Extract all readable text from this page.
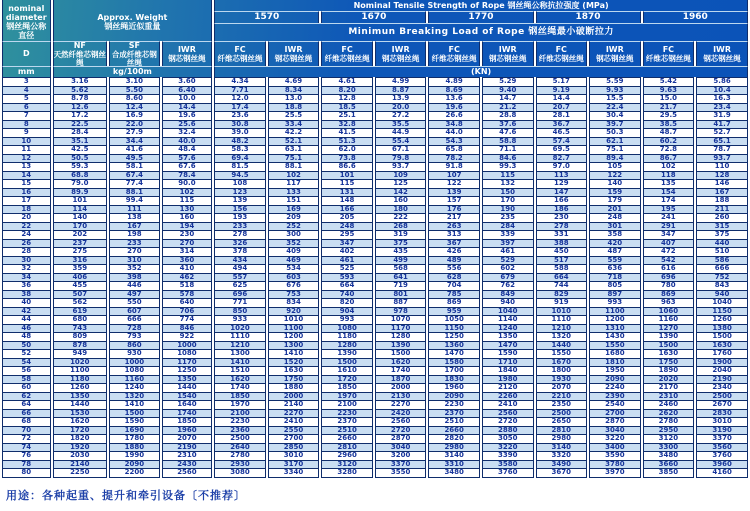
nominal diameter
钢丝绳公称直径

Approx. Weight
钢丝绳近似重量
	Nominal Tensile Strength of Rope 钢丝绳公称抗拉强度 (MPa)
				1570		1670		1770		1870		1960	
				Minimun Breaking Load of Rope 钢丝绳最小破断拉力									
D	
NF
天然纤维芯钢丝绳

SF
合成纤维芯钢丝绳

IWR
钢芯钢丝绳

FC
纤维芯钢丝绳

IWR
钢芯钢丝绳

FC
纤维芯钢丝绳

IWR
钢芯钢丝绳

FC
纤维芯钢丝绳

IWR
钢芯钢丝绳

FC
纤维芯钢丝绳

IWR
钢芯钢丝绳

FC
纤维芯钢丝绳

IWR
钢芯钢丝绳

mm	kg/100m			(KN)									
3	3.16	3.10	3.60	4.34	4.69	4.61	4.99	4.89	5.29	5.17	5.59	5.42	5.86
4	5.62	5.50	6.40	7.71	8.34	8.20	8.87	8.69	9.40	9.19	9.93	9.63	10.4
5	8.78	8.60	10.0	12.0	13.0	12.8	13.9	13.6	14.7	14.4	15.5	15.0	16.3
6	12.6	12.4	14.4	17.4	18.8	18.5	20.0	19.6	21.2	20.7	22.4	21.7	23.4
7	17.2	16.9	19.6	23.6	25.5	25.1	27.2	26.6	28.8	28.1	30.4	29.5	31.9
8	22.5	22.0	25.6	30.8	33.4	32.8	35.5	34.8	37.6	36.7	39.7	38.5	41.7
9	28.4	27.9	32.4	39.0	42.2	41.5	44.9	44.0	47.6	46.5	50.3	48.7	52.7
10	35.1	34.4	40.0	48.2	52.1	51.3	55.4	54.3	58.8	57.4	62.1	60.2	65.1
11	42.5	41.6	48.4	58.3	63.1	62.0	67.1	65.8	71.1	69.5	75.1	72.8	78.7
12	50.5	49.5	57.6	69.4	75.1	73.8	79.8	78.2	84.6	82.7	89.4	86.7	93.7
13	59.3	58.1	67.6	81.5	88.1	86.6	93.7	91.8	99.3	97.0	105	102	110
14	68.8	67.4	78.4	94.5	102	101	109	107	115	113	122	118	128
15	79.0	77.4	90.0	108	117	115	125	122	132	129	140	135	146
16	89.9	88.1	102	123	133	131	142	139	150	147	159	154	167
17	101	99.4	115	139	151	148	160	157	170	166	179	174	188
18	114	111	130	156	169	166	180	176	190	186	201	195	211
20	140	138	160	193	209	205	222	217	235	230	248	241	260
22	170	167	194	233	252	248	268	263	284	278	301	291	315
24	202	198	230	278	300	295	319	313	339	331	358	347	375
26	237	233	270	326	352	347	375	367	397	388	420	407	440
28	275	270	314	378	409	402	435	426	461	450	487	472	510
30	316	310	360	434	469	461	499	489	529	517	559	542	586
32	359	352	410	494	534	525	568	556	602	588	636	616	666
34	406	398	462	557	603	593	641	628	679	664	718	696	752
36	455	446	518	625	676	664	719	704	762	744	805	780	843
38	507	497	578	696	753	740	801	785	849	829	897	869	940
40	562	550	640	771	834	820	887	869	940	919	993	963	1040
42	619	607	706	850	920	904	978	959	1040	1010	1100	1060	1150
44	680	666	774	933	1010	993	1070	1050	1140	1110	1200	1160	1260
46	743	728	846	1020	1100	1080	1170	1150	1240	1210	1310	1270	1380
48	809	793	922	1110	1200	1180	1280	1250	1350	1320	1430	1390	1500
50	878	860	1000	1210	1300	1280	1390	1360	1470	1440	1550	1500	1630
52	949	930	1080	1300	1410	1390	1500	1470	1590	1550	1680	1630	1760
54	1020	1000	1170	1410	1520	1500	1620	1580	1710	1670	1810	1750	1900
56	1100	1080	1250	1510	1630	1610	1740	1700	1840	1800	1950	1890	2040
58	1180	1160	1350	1620	1750	1720	1870	1830	1980	1930	2090	2020	2190
60	1260	1240	1440	1740	1880	1850	2000	1960	2120	2070	2240	2170	2340
62	1350	1320	1540	1850	2000	1970	2130	2090	2260	2210	2390	2310	2500
64	1440	1410	1640	1970	2140	2100	2270	2230	2410	2350	2540	2460	2670
66	1530	1500	1740	2100	2270	2230	2420	2370	2560	2500	2700	2620	2830
68	1620	1590	1850	2230	2410	2370	2560	2510	2720	2650	2870	2780	3010
70	1720	1690	1960	2360	2550	2510	2720	2660	2880	2810	3040	2950	3190
72	1820	1780	2070	2500	2700	2660	2870	2820	3050	2980	3220	3120	3370
74	1920	1880	2190	2640	2850	2810	3040	2980	3220	3140	3400	3300	3560
76	2030	1990	2310	2780	3010	2960	3200	3140	3390	3320	3590	3480	3760
78	2140	2090	2430	2930	3170	3120	3370	3310	3580	3490	3780	3660	3960
80	2250	2200	2560	3080	3340	3280	3550	3480	3760	3670	3970	3850	4160
用途：各种起重、提升和牵引设备〔不推荐〕
